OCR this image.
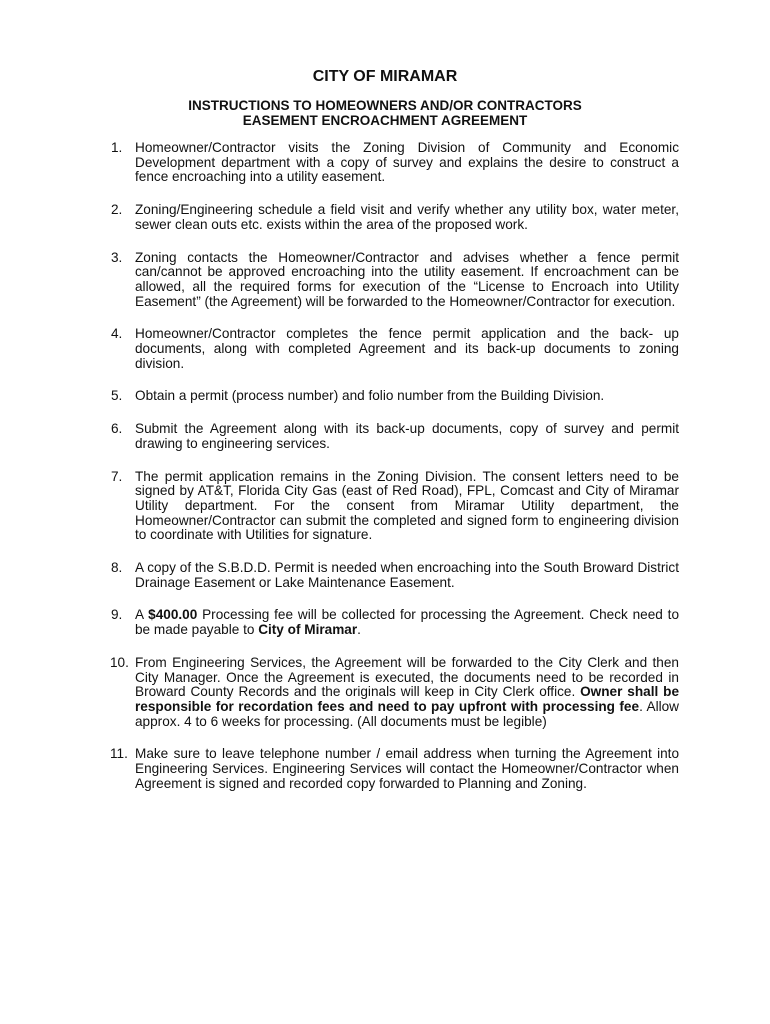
CITY OF MIRAMAR
INSTRUCTIONS TO HOMEOWNERS AND/OR CONTRACTORS
EASEMENT ENCROACHMENT AGREEMENT
1. Homeowner/Contractor visits the Zoning Division of Community and Economic Development department with a copy of survey and explains the desire to construct a fence encroaching into a utility easement.
2. Zoning/Engineering schedule a field visit and verify whether any utility box, water meter, sewer clean outs etc. exists within the area of the proposed work.
3. Zoning contacts the Homeowner/Contractor and advises whether a fence permit can/cannot be approved encroaching into the utility easement. If encroachment can be allowed, all the required forms for execution of the “License to Encroach into Utility Easement” (the Agreement) will be forwarded to the Homeowner/Contractor for execution.
4. Homeowner/Contractor completes the fence permit application and the back- up documents, along with completed Agreement and its back-up documents to zoning division.
5. Obtain a permit (process number) and folio number from the Building Division.
6. Submit the Agreement along with its back-up documents, copy of survey and permit drawing to engineering services.
7. The permit application remains in the Zoning Division. The consent letters need to be signed by AT&T, Florida City Gas (east of Red Road), FPL, Comcast and City of Miramar Utility department. For the consent from Miramar Utility department, the Homeowner/Contractor can submit the completed and signed form to engineering division to coordinate with Utilities for signature.
8. A copy of the S.B.D.D. Permit is needed when encroaching into the South Broward District Drainage Easement or Lake Maintenance Easement.
9. A $400.00 Processing fee will be collected for processing the Agreement. Check need to be made payable to City of Miramar.
10. From Engineering Services, the Agreement will be forwarded to the City Clerk and then City Manager. Once the Agreement is executed, the documents need to be recorded in Broward County Records and the originals will keep in City Clerk office. Owner shall be responsible for recordation fees and need to pay upfront with processing fee. Allow approx. 4 to 6 weeks for processing. (All documents must be legible)
11. Make sure to leave telephone number / email address when turning the Agreement into Engineering Services. Engineering Services will contact the Homeowner/Contractor when Agreement is signed and recorded copy forwarded to Planning and Zoning.
